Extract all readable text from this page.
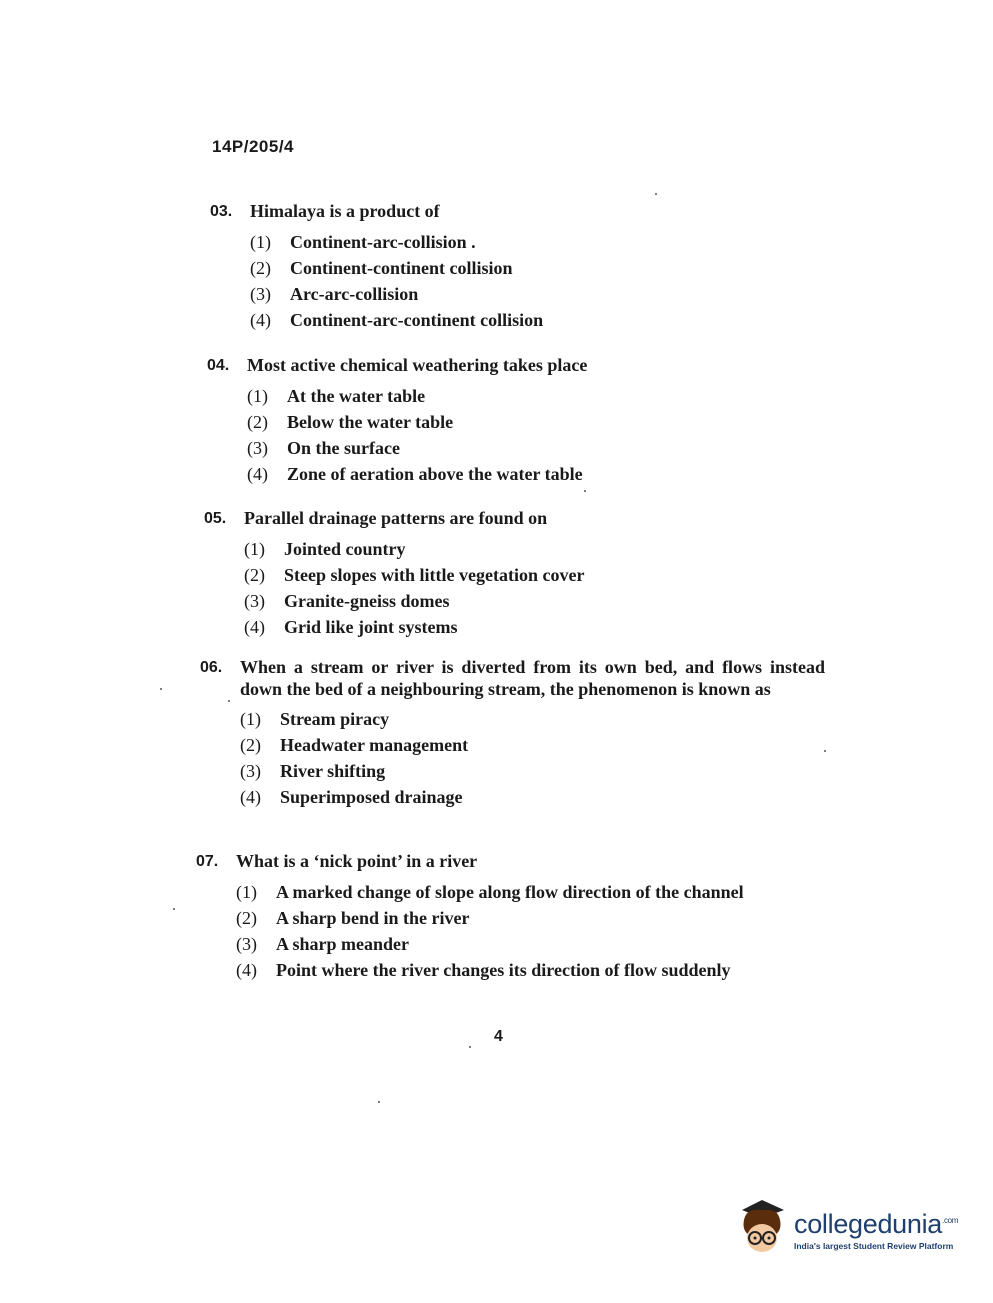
14P/205/4
03. Himalaya is a product of
(1)	Continent-arc-collision .
(2)	Continent-continent collision
(3)	Arc-arc-collision
(4)	Continent-arc-continent collision
04. Most active chemical weathering takes place
(1)	At the water table
(2)	Below the water table
(3)	On the surface
(4)	Zone of aeration above the water table
05. Parallel drainage patterns are found on
(1)	Jointed country
(2)	Steep slopes with little vegetation cover
(3)	Granite-gneiss domes
(4)	Grid like joint systems
06. When a stream or river is diverted from its own bed, and flows instead down the bed of a neighbouring stream, the phenomenon is known as
(1)	Stream piracy
(2)	Headwater management
(3)	River shifting
(4)	Superimposed drainage
07. What is a ‘nick point’ in a river
(1)	A marked change of slope along flow direction of the channel
(2)	A sharp bend in the river
(3)	A sharp meander
(4)	Point where the river changes its direction of flow suddenly
4
collegedunia$^{.com}$
India's largest Student Review Platform
